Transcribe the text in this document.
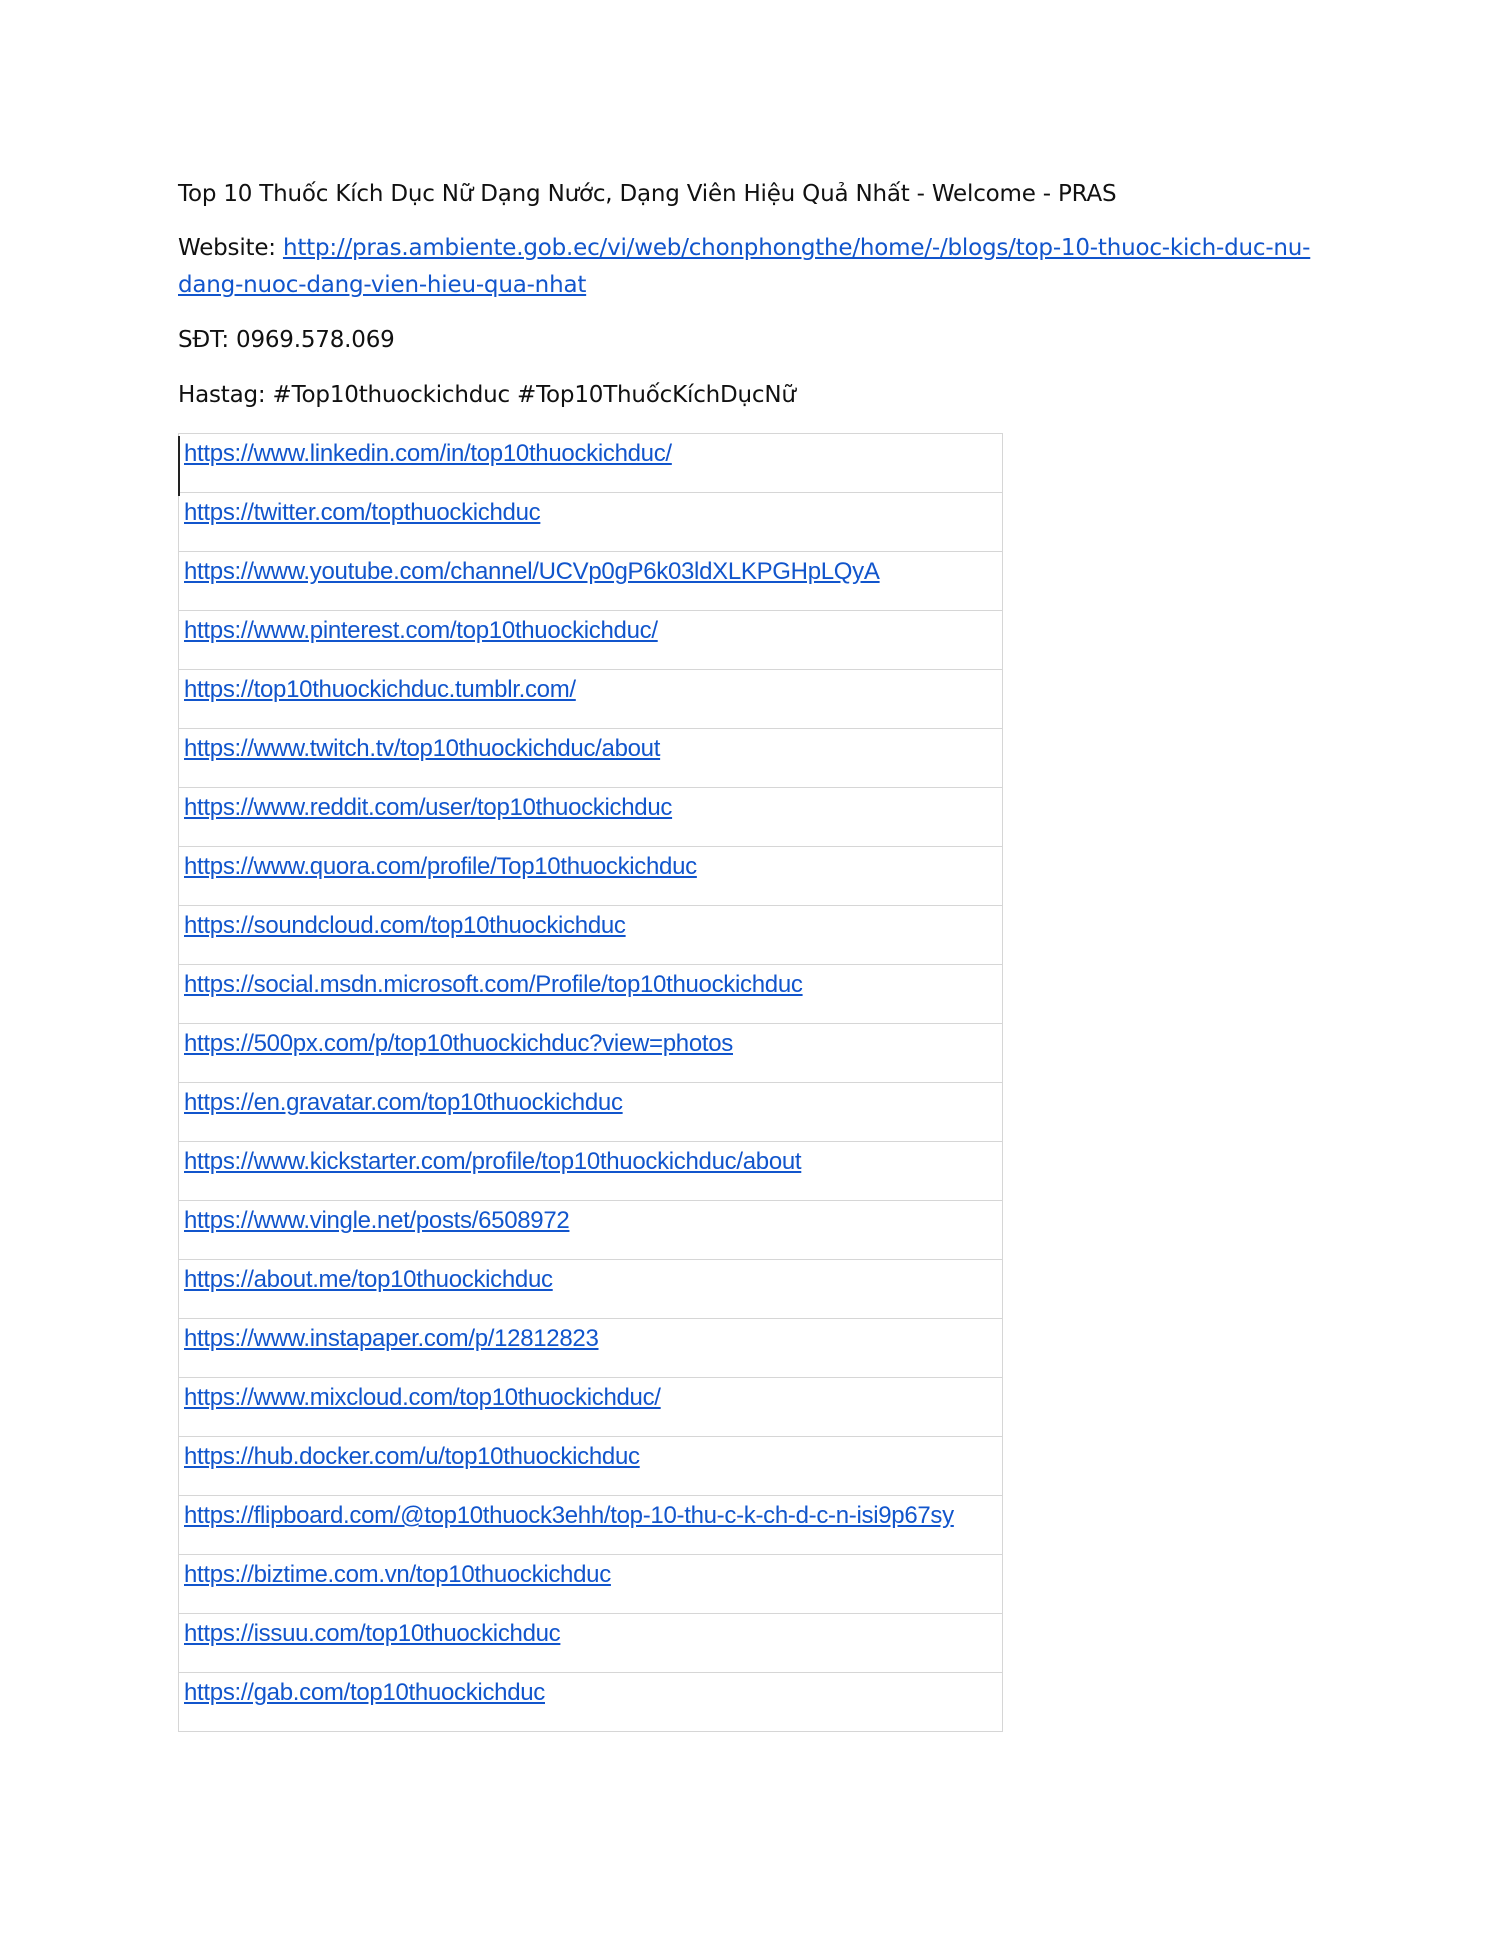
Top 10 Thuốc Kích Dục Nữ Dạng Nước, Dạng Viên Hiệu Quả Nhất - Welcome - PRAS
Website: http://pras.ambiente.gob.ec/vi/web/chonphongthe/home/-/blogs/top-10-thuoc-kich-duc-nu-dang-nuoc-dang-vien-hieu-qua-nhat
SĐT: 0969.578.069
Hastag: #Top10thuockichduc #Top10ThuốcKíchDụcNữ
https://www.linkedin.com/in/top10thuockichduc/
https://twitter.com/topthuockichduc
https://www.youtube.com/channel/UCVp0gP6k03ldXLKPGHpLQyA
https://www.pinterest.com/top10thuockichduc/
https://top10thuockichduc.tumblr.com/
https://www.twitch.tv/top10thuockichduc/about
https://www.reddit.com/user/top10thuockichduc
https://www.quora.com/profile/Top10thuockichduc
https://soundcloud.com/top10thuockichduc
https://social.msdn.microsoft.com/Profile/top10thuockichduc
https://500px.com/p/top10thuockichduc?view=photos
https://en.gravatar.com/top10thuockichduc
https://www.kickstarter.com/profile/top10thuockichduc/about
https://www.vingle.net/posts/6508972
https://about.me/top10thuockichduc
https://www.instapaper.com/p/12812823
https://www.mixcloud.com/top10thuockichduc/
https://hub.docker.com/u/top10thuockichduc
https://flipboard.com/@top10thuock3ehh/top-10-thu-c-k-ch-d-c-n-isi9p67sy
https://biztime.com.vn/top10thuockichduc
https://issuu.com/top10thuockichduc
https://gab.com/top10thuockichduc
